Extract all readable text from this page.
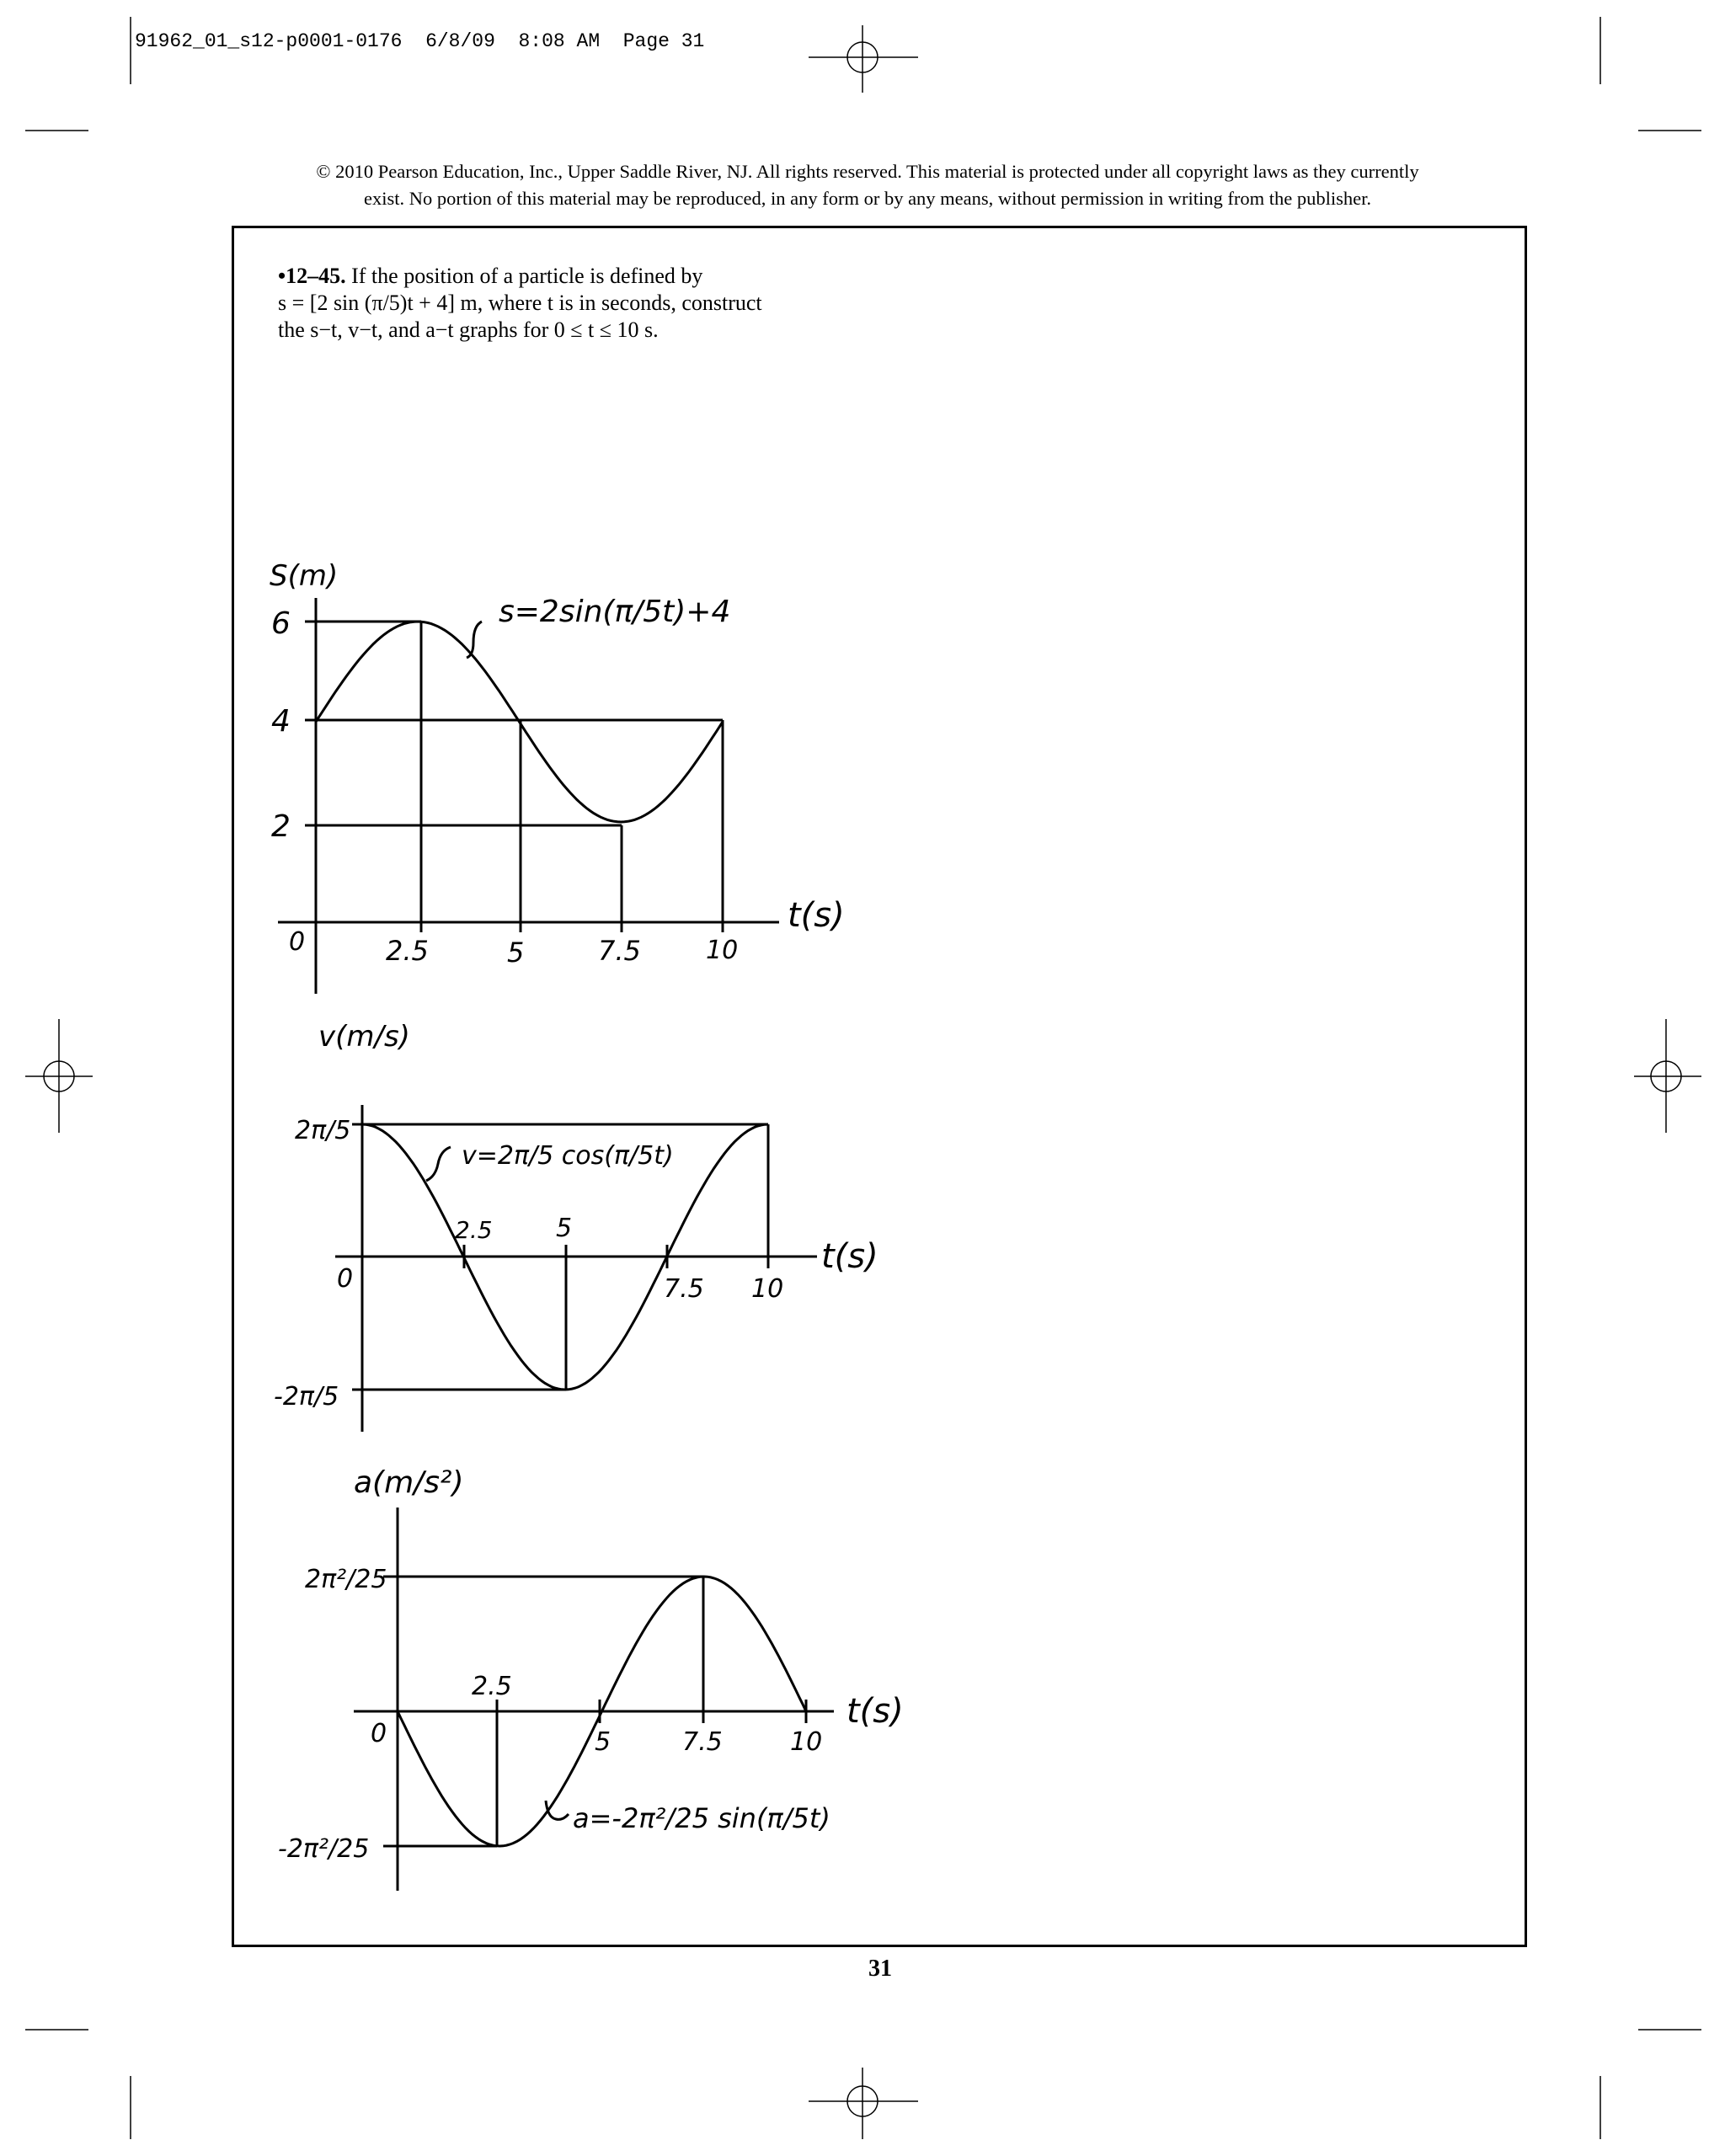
91962_01_s12-p0001-0176 6/8/09 8:08 AM Page 31
© 2010 Pearson Education, Inc., Upper Saddle River, NJ. All rights reserved. This material is protected under all copyright laws as they currently
exist. No portion of this material may be reproduced, in any form or by any means, without permission in writing from the publisher.
•12–45. If the position of a particle is defined by
s = [2 sin (π/5)t + 4] m, where t is in seconds, construct
the s−t, v−t, and a−t graphs for 0 ≤ t ≤ 10 s.
S(m)
6
4
2
0	2.5	5	7.5	10
t(s)
s=2sin(π/5t)+4
v(m/s)
2π/5
-2π/5
0
2.5	5
7.5 10
t(s)
v=2π/5 cos(π/5t)
a(m/s²)
2π²/25
-2π²/25
0
2.5
5	7.5	10
t(s)
a=-2π²/25 sin(π/5t)
31
